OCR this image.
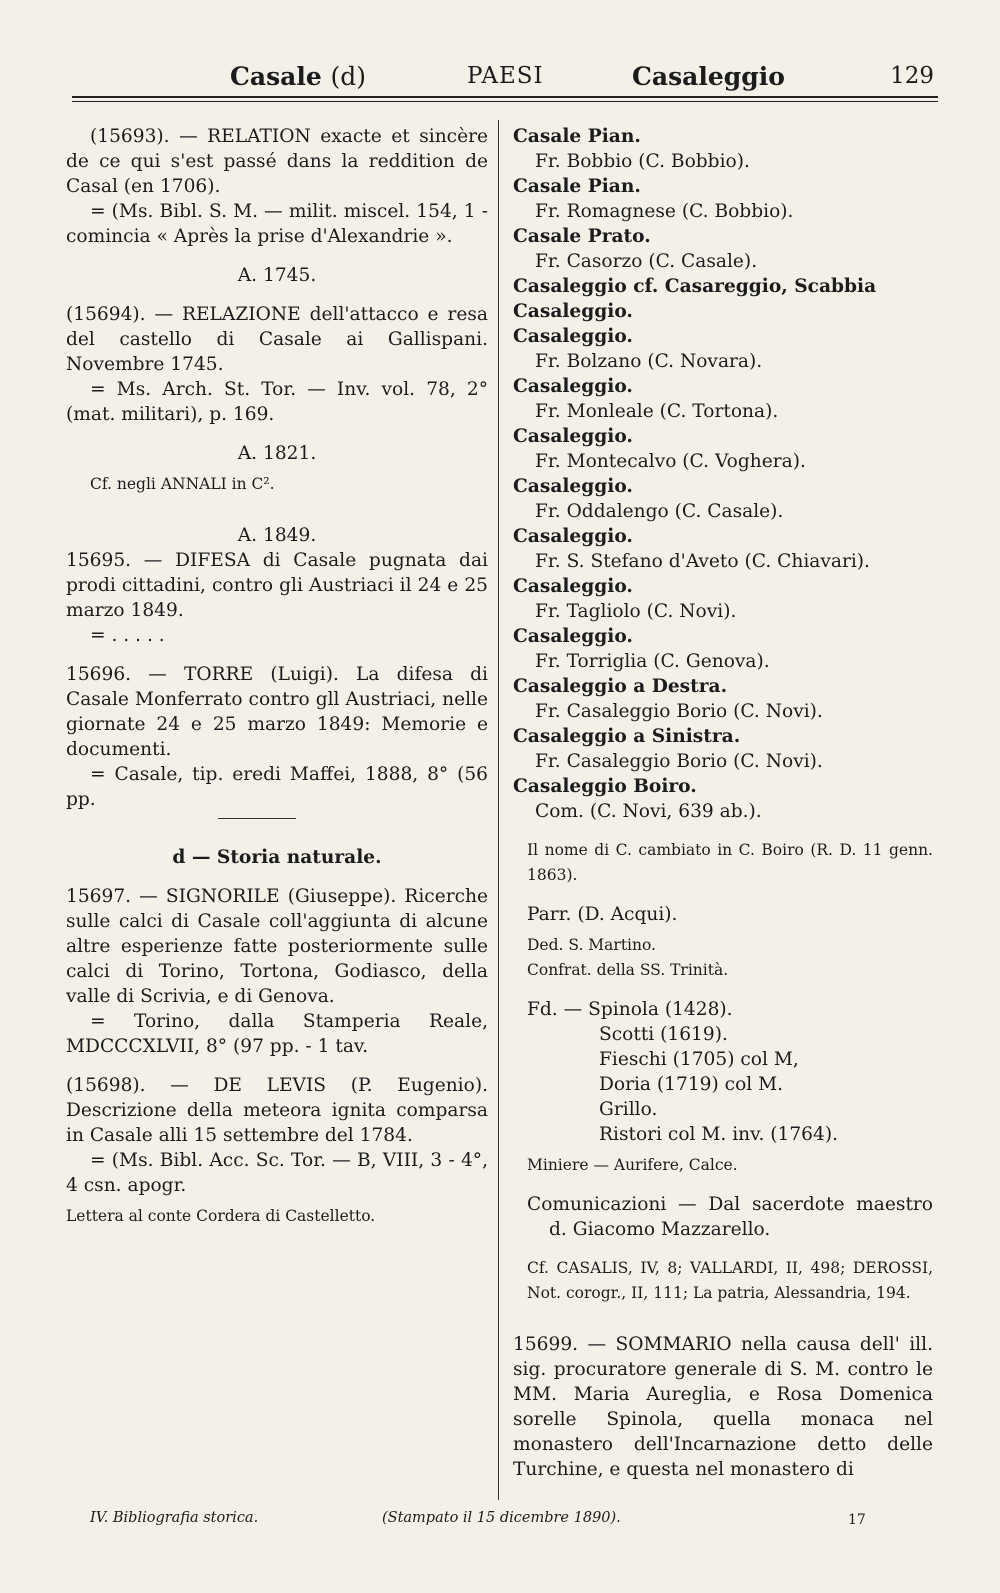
Casale (d)	PAESI	Casaleggio	129

(15693). — RELATION exacte et sincère de ce qui s'est passé dans la reddition de Casal (en 1706).

= (Ms. Bibl. S. M. — milit. miscel. 154, 1 - comincia « Après la prise d'Alexandrie ».

A. 1745.

(15694). — RELAZIONE dell'attacco e resa del castello di Casale ai Gallispani. Novembre 1745.

= Ms. Arch. St. Tor. — Inv. vol. 78, 2° (mat. militari), p. 169.

A. 1821.

Cf. negli ANNALI in C².

A. 1849.

15695. — DIFESA di Casale pugnata dai prodi cittadini, contro gli Austriaci il 24 e 25 marzo 1849.

= . . . . .

15696. — TORRE (Luigi). La difesa di Casale Monferrato contro gll Austriaci, nelle giornate 24 e 25 marzo 1849: Memorie e documenti.

= Casale, tip. eredi Maffei, 1888, 8° (56 pp.

d — Storia naturale.

15697. — SIGNORILE (Giuseppe). Ricerche sulle calci di Casale coll'aggiunta di alcune altre esperienze fatte posteriormente sulle calci di Torino, Tortona, Godiasco, della valle di Scrivia, e di Genova.

= Torino, dalla Stamperia Reale, MDCCCXLVII, 8° (97 pp. - 1 tav.

(15698). — DE LEVIS (P. Eugenio). Descrizione della meteora ignita comparsa in Casale alli 15 settembre del 1784.

= (Ms. Bibl. Acc. Sc. Tor. — B, VIII, 3 - 4°, 4 csn. apogr.

Lettera al conte Cordera di Castelletto.

Casale Pian.

Fr. Bobbio (C. Bobbio).

Casale Pian.

Fr. Romagnese (C. Bobbio).

Casale Prato.

Fr. Casorzo (C. Casale).

Casaleggio cf. Casareggio, Scabbia Casaleggio.

Casaleggio.

Fr. Bolzano (C. Novara).

Casaleggio.

Fr. Monleale (C. Tortona).

Casaleggio.

Fr. Montecalvo (C. Voghera).

Casaleggio.

Fr. Oddalengo (C. Casale).

Casaleggio.

Fr. S. Stefano d'Aveto (C. Chiavari).

Casaleggio.

Fr. Tagliolo (C. Novi).

Casaleggio.

Fr. Torriglia (C. Genova).

Casaleggio a Destra.

Fr. Casaleggio Borio (C. Novi).

Casaleggio a Sinistra.

Fr. Casaleggio Borio (C. Novi).

Casaleggio Boiro.

Com. (C. Novi, 639 ab.).

Il nome di C. cambiato in C. Boiro (R. D. 11 genn. 1863).

Parr. (D. Acqui).

Ded. S. Martino.

Confrat. della SS. Trinità.

Fd. — Spinola (1428).

Scotti (1619).

Fieschi (1705) col M,

Doria (1719) col M.

Grillo.

Ristori col M. inv. (1764).

Miniere — Aurifere, Calce.

Comunicazioni — Dal sacerdote maestro d. Giacomo Mazzarello.

Cf. CASALIS, IV, 8; VALLARDI, II, 498; DEROSSI, Not. corogr., II, 111; La patria, Alessandria, 194.

15699. — SOMMARIO nella causa dell' ill. sig. procuratore generale di S. M. contro le MM. Maria Aureglia, e Rosa Domenica sorelle Spinola, quella monaca nel monastero dell'Incarnazione detto delle Turchine, e questa nel monastero di

IV. Bibliografia storica.	(Stampato il 15 dicembre 1890).	17
